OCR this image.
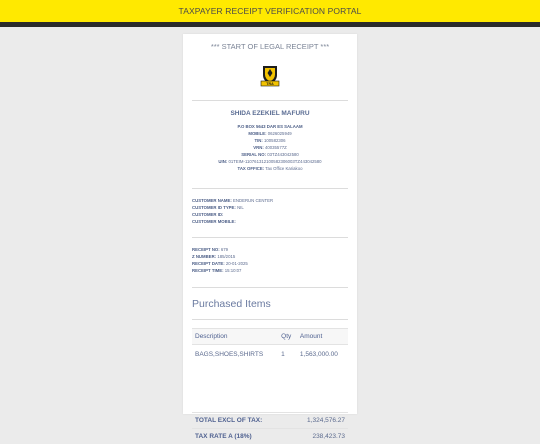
TAXPAYER RECEIPT VERIFICATION PORTAL
*** START OF LEGAL RECEIPT ***
TRA
SHIDA EZEKIEL MAFURU
P.O BOX 5643 DAR ES SALAAM
MOBILE: 0626025949
TIN: 100582306
VRN: 40035577Z
SERIAL NO: 03TZ443042580
UIN: 01TEIM-110761312100582306003TZ443042580
TAX OFFICE: Tax Office Kariakoo
CUSTOMER NAME: ENDERUN CENTER
CUSTOMER ID TYPE: NIL
CUSTOMER ID:
CUSTOMER MOBILE:
RECEIPT NO: 679
Z NUMBER: 185/2015
RECEIPT DATE: 20-01-2025
RECEIPT TIME: 15:10:07
Purchased Items
Description	Qty	Amount
BAGS,SHOES,SHIRTS	1	1,563,000.00
TOTAL EXCL OF TAX:	1,324,576.27
TAX RATE A (18%)	238,423.73
